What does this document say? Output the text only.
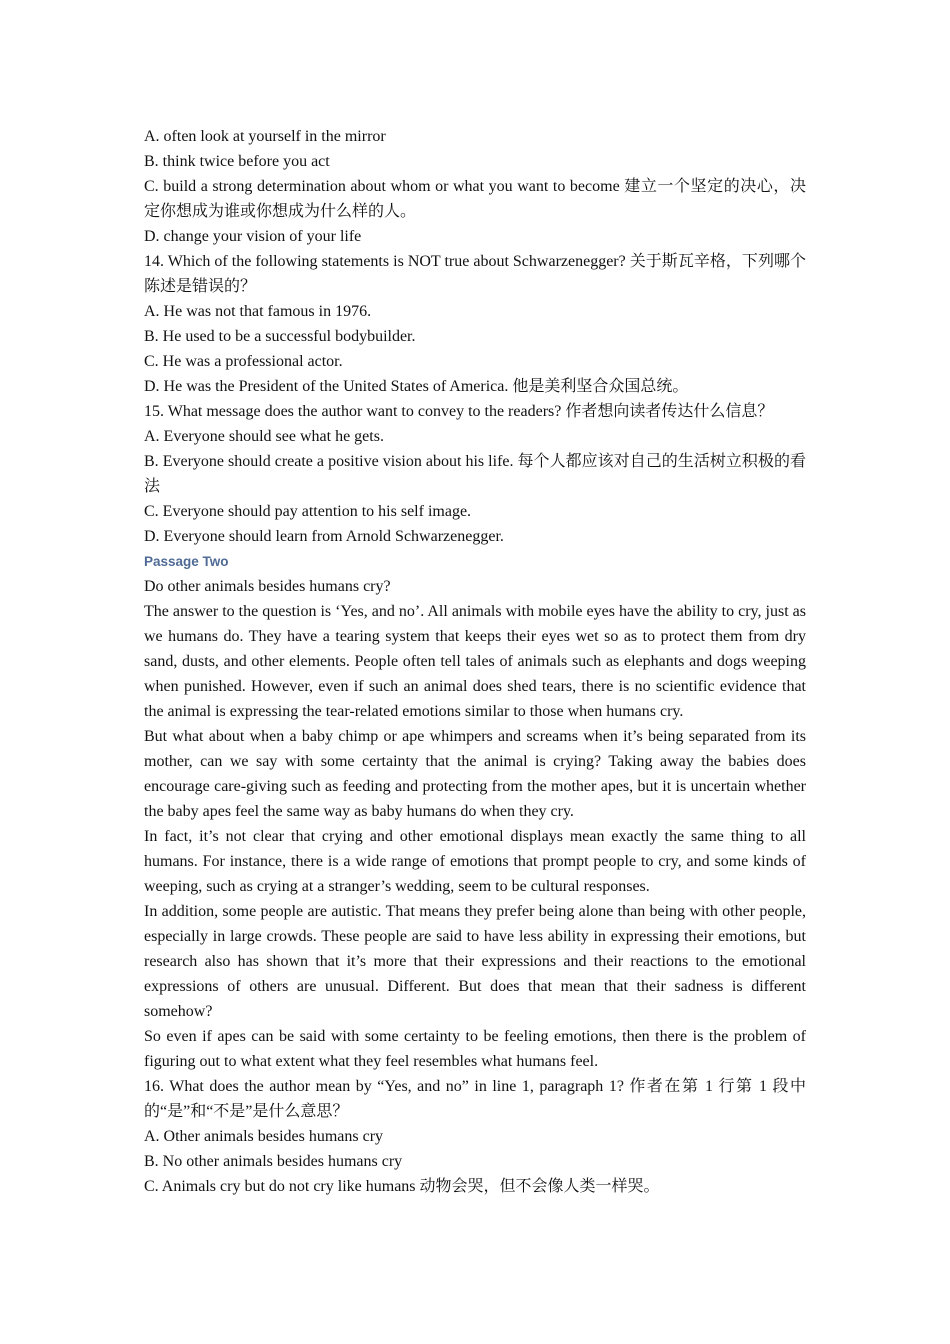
A. often look at yourself in the mirror

B. think twice before you act

C. build a strong determination about whom or what you want to become 建立一个坚定的决心，决定你想成为谁或你想成为什么样的人。

D. change your vision of your life

14. Which of the following statements is NOT true about Schwarzenegger? 关于斯瓦辛格，下列哪个陈述是错误的？

A. He was not that famous in 1976.

B. He used to be a successful bodybuilder.

C. He was a professional actor.

D. He was the President of the United States of America. 他是美利坚合众国总统。

15. What message does the author want to convey to the readers? 作者想向读者传达什么信息？

A. Everyone should see what he gets.

B. Everyone should create a positive vision about his life. 每个人都应该对自己的生活树立积极的看法

C. Everyone should pay attention to his self image.

D. Everyone should learn from Arnold Schwarzenegger.

Passage Two

Do other animals besides humans cry?

The answer to the question is ‘Yes, and no’. All animals with mobile eyes have the ability to cry, just as we humans do. They have a tearing system that keeps their eyes wet so as to protect them from dry sand, dusts, and other elements. People often tell tales of animals such as elephants and dogs weeping when punished. However, even if such an animal does shed tears, there is no scientific evidence that the animal is expressing the tear-related emotions similar to those when humans cry.

But what about when a baby chimp or ape whimpers and screams when it’s being separated from its mother, can we say with some certainty that the animal is crying? Taking away the babies does encourage care-giving such as feeding and protecting from the mother apes, but it is uncertain whether the baby apes feel the same way as baby humans do when they cry.

In fact, it’s not clear that crying and other emotional displays mean exactly the same thing to all humans. For instance, there is a wide range of emotions that prompt people to cry, and some kinds of weeping, such as crying at a stranger’s wedding, seem to be cultural responses.

In addition, some people are autistic. That means they prefer being alone than being with other people, especially in large crowds. These people are said to have less ability in expressing their emotions, but research also has shown that it’s more that their expressions and their reactions to the emotional expressions of others are unusual. Different. But does that mean that their sadness is different somehow?

So even if apes can be said with some certainty to be feeling emotions, then there is the problem of figuring out to what extent what they feel resembles what humans feel.

16. What does the author mean by “Yes, and no” in line 1, paragraph 1? 作者在第 1 行第 1 段中的“是”和“不是”是什么意思？

A. Other animals besides humans cry

B. No other animals besides humans cry

C. Animals cry but do not cry like humans 动物会哭，但不会像人类一样哭。
